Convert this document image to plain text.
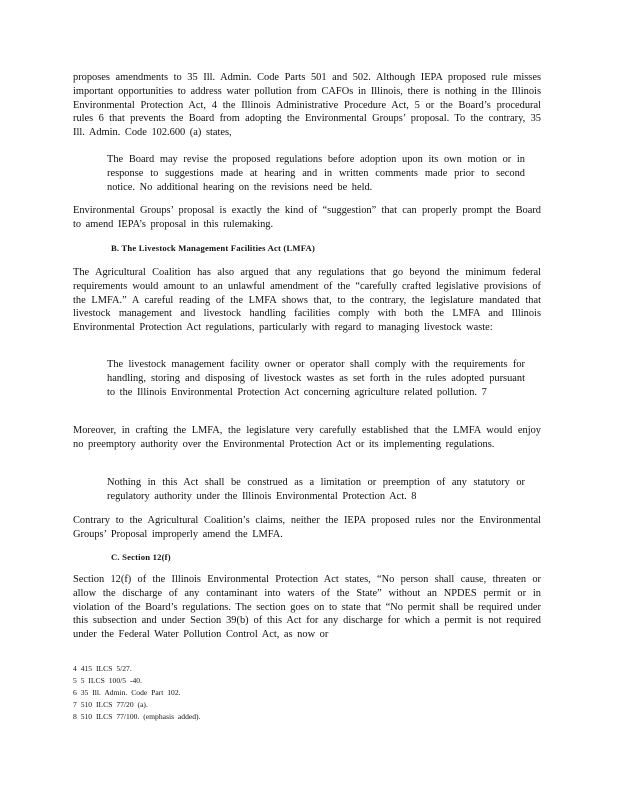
proposes amendments to 35 Ill. Admin. Code Parts 501 and 502. Although IEPA proposed rule misses important opportunities to address water pollution from CAFOs in Illinois, there is nothing in the Illinois Environmental Protection Act, 4 the Illinois Administrative Procedure Act, 5 or the Board’s procedural rules 6 that prevents the Board from adopting the Environmental Groups’ proposal. To the contrary, 35 Ill. Admin. Code 102.600 (a) states,
The Board may revise the proposed regulations before adoption upon its own motion or in response to suggestions made at hearing and in written comments made prior to second notice. No additional hearing on the revisions need be held.
Environmental Groups’ proposal is exactly the kind of “suggestion” that can properly prompt the Board to amend IEPA’s proposal in this rulemaking.
B. The Livestock Management Facilities Act (LMFA)
The Agricultural Coalition has also argued that any regulations that go beyond the minimum federal requirements would amount to an unlawful amendment of the “carefully crafted legislative provisions of the LMFA.” A careful reading of the LMFA shows that, to the contrary, the legislature mandated that livestock management and livestock handling facilities comply with both the LMFA and Illinois Environmental Protection Act regulations, particularly with regard to managing livestock waste:
The livestock management facility owner or operator shall comply with the requirements for handling, storing and disposing of livestock wastes as set forth in the rules adopted pursuant to the Illinois Environmental Protection Act concerning agriculture related pollution. 7
Moreover, in crafting the LMFA, the legislature very carefully established that the LMFA would enjoy no preemptory authority over the Environmental Protection Act or its implementing regulations.
Nothing in this Act shall be construed as a limitation or preemption of any statutory or regulatory authority under the Illinois Environmental Protection Act. 8
Contrary to the Agricultural Coalition’s claims, neither the IEPA proposed rules nor the Environmental Groups’ Proposal improperly amend the LMFA.
C. Section 12(f)
Section 12(f) of the Illinois Environmental Protection Act states, “No person shall cause, threaten or allow the discharge of any contaminant into waters of the State” without an NPDES permit or in violation of the Board’s regulations. The section goes on to state that “No permit shall be required under this subsection and under Section 39(b) of this Act for any discharge for which a permit is not required under the Federal Water Pollution Control Act, as now or
4 415 ILCS 5/27.
5 5 ILCS 100/5 -40.
6 35 Ill. Admin. Code Part 102.
7 510 ILCS 77/20 (a).
8 510 ILCS 77/100. (emphasis added).
